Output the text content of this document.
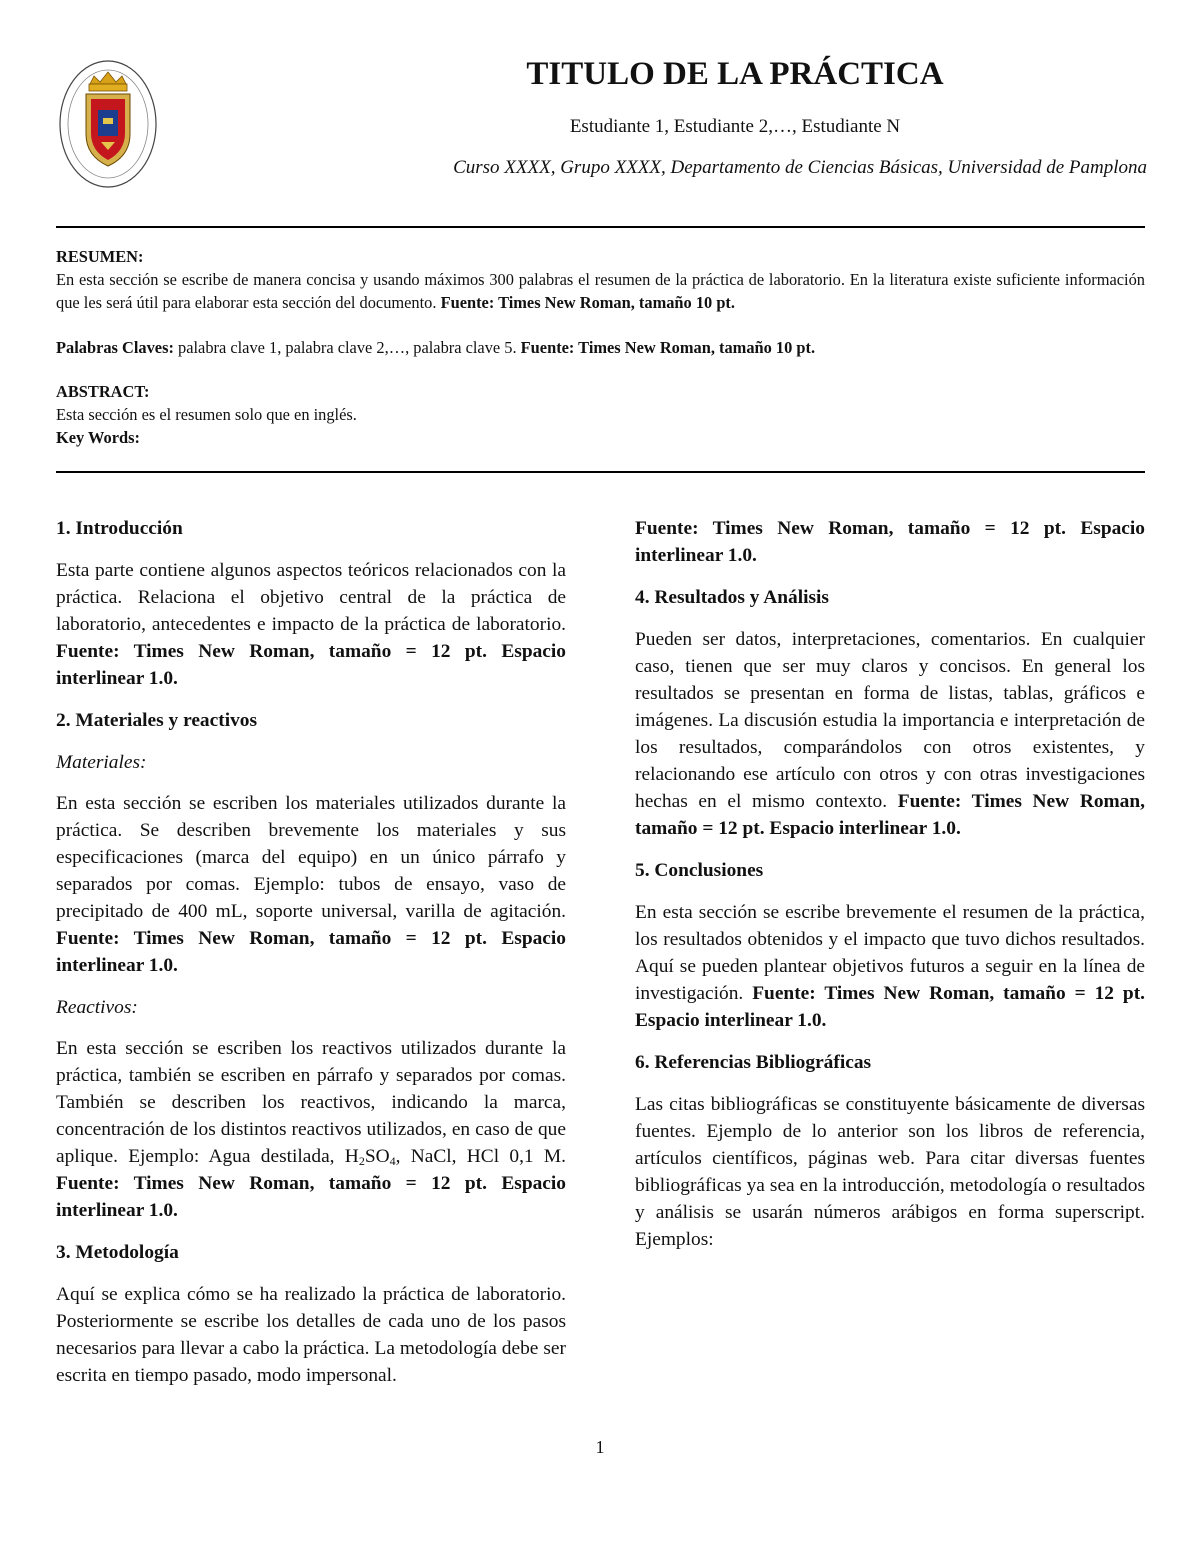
TITULO DE LA PRÁCTICA
Estudiante 1, Estudiante 2,…, Estudiante N
Curso XXXX, Grupo XXXX, Departamento de Ciencias Básicas, Universidad de Pamplona
RESUMEN:
En esta sección se escribe de manera concisa y usando máximos 300 palabras el resumen de la práctica de laboratorio. En la literatura existe suficiente información que les será útil para elaborar esta sección del documento. Fuente: Times New Roman, tamaño 10 pt.
Palabras Claves: palabra clave 1, palabra clave 2,…, palabra clave 5. Fuente: Times New Roman, tamaño 10 pt.
ABSTRACT:
Esta sección es el resumen solo que en inglés.
Key Words:
1. Introducción

Esta parte contiene algunos aspectos teóricos relacionados con la práctica. Relaciona el objetivo central de la práctica de laboratorio, antecedentes e impacto de la práctica de laboratorio. Fuente: Times New Roman, tamaño = 12 pt. Espacio interlinear 1.0.

2. Materiales y reactivos

Materiales:

En esta sección se escriben los materiales utilizados durante la práctica. Se describen brevemente los materiales y sus especificaciones (marca del equipo) en un único párrafo y separados por comas. Ejemplo: tubos de ensayo, vaso de precipitado de 400 mL, soporte universal, varilla de agitación. Fuente: Times New Roman, tamaño = 12 pt. Espacio interlinear 1.0.

Reactivos:

En esta sección se escriben los reactivos utilizados durante la práctica, también se escriben en párrafo y separados por comas. También se describen los reactivos, indicando la marca, concentración de los distintos reactivos utilizados, en caso de que aplique. Ejemplo: Agua destilada, $H_2SO_4$, NaCl, HCl 0,1 M. Fuente: Times New Roman, tamaño = 12 pt. Espacio interlinear 1.0.

3. Metodología

Aquí se explica cómo se ha realizado la práctica de laboratorio. Posteriormente se escribe los detalles de cada uno de los pasos necesarios para llevar a cabo la práctica. La metodología debe ser escrita en tiempo pasado, modo impersonal.

Fuente: Times New Roman, tamaño = 12 pt. Espacio interlinear 1.0.

4. Resultados y Análisis

Pueden ser datos, interpretaciones, comentarios. En cualquier caso, tienen que ser muy claros y concisos. En general los resultados se presentan en forma de listas, tablas, gráficos e imágenes. La discusión estudia la importancia e interpretación de los resultados, comparándolos con otros existentes, y relacionando ese artículo con otros y con otras investigaciones hechas en el mismo contexto. Fuente: Times New Roman, tamaño = 12 pt. Espacio interlinear 1.0.

5. Conclusiones

En esta sección se escribe brevemente el resumen de la práctica, los resultados obtenidos y el impacto que tuvo dichos resultados. Aquí se pueden plantear objetivos futuros a seguir en la línea de investigación. Fuente: Times New Roman, tamaño = 12 pt. Espacio interlinear 1.0.

6. Referencias Bibliográficas

Las citas bibliográficas se constituyente básicamente de diversas fuentes. Ejemplo de lo anterior son los libros de referencia, artículos científicos, páginas web. Para citar diversas fuentes bibliográficas ya sea en la introducción, metodología o resultados y análisis se usarán números arábigos en forma superscript. Ejemplos:

1
